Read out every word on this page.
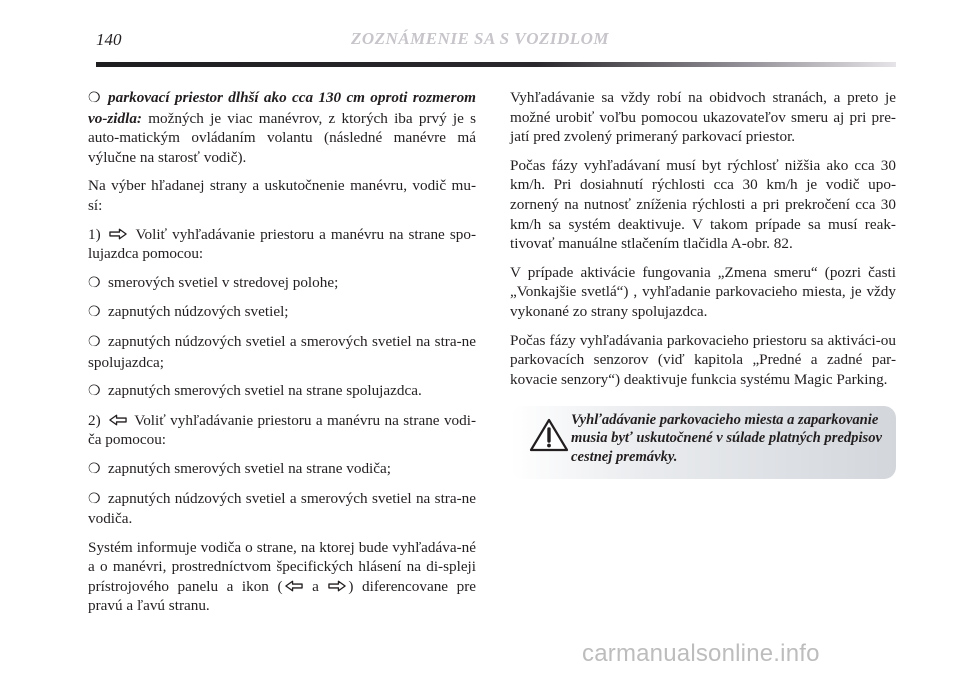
140	ZOZNÁMENIE SA S VOZIDLOM

❍ parkovací priestor dlhší ako cca 130 cm oproti rozmerom vo-zidla: možných je viac manévrov, z ktorých iba prvý je s auto-matickým ovládaním volantu (následné manévre má výlučne na starosť vodič).

Na výber hľadanej strany a uskutočnenie manévru, vodič mu-sí:

1) Voliť vyhľadávanie priestoru a manévru na strane spo-lujazdca pomocou:

❍ smerových svetiel v stredovej polohe;

❍ zapnutých núdzových svetiel;

❍ zapnutých núdzových svetiel a smerových svetiel na stra-ne spolujazdca;

❍ zapnutých smerových svetiel na strane spolujazdca.

2) Voliť vyhľadávanie priestoru a manévru na strane vodi-ča pomocou:

❍ zapnutých smerových svetiel na strane vodiča;

❍ zapnutých núdzových svetiel a smerových svetiel na stra-ne vodiča.

Systém informuje vodiča o strane, na ktorej bude vyhľadáva-né a o manévri, prostredníctvom špecifických hlásení na di-spleji prístrojového panelu a ikon (
a
) diferencovane pre pravú a ľavú stranu.

Vyhľadávanie sa vždy robí na obidvoch stranách, a preto je možné urobiť voľbu pomocou ukazovateľov smeru aj pri pre-jatí pred zvolený primeraný parkovací priestor.

Počas fázy vyhľadávaní musí byt rýchlosť nižšia ako cca 30 km/h. Pri dosiahnutí rýchlosti cca 30 km/h je vodič upo-zornený na nutnosť zníženia rýchlosti a pri prekročení cca 30 km/h sa systém deaktivuje. V takom prípade sa musí reak-tivovať manuálne stlačením tlačidla A-obr. 82.

V prípade aktivácie fungovania „Zmena smeru“ (pozri časti „Vonkajšie svetlá“) , vyhľadanie parkovacieho miesta, je vždy vykonané zo strany spolujazdca.

Počas fázy vyhľadávania parkovacieho priestoru sa aktiváci-ou parkovacích senzorov (viď kapitola „Predné a zadné par-kovacie senzory“) deaktivuje funkcia systému Magic Parking.

Vyhľadávanie parkovacieho miesta a zaparkovanie musia byť uskutočnené v súlade platných predpisov cestnej premávky.
carmanualsonline.info
